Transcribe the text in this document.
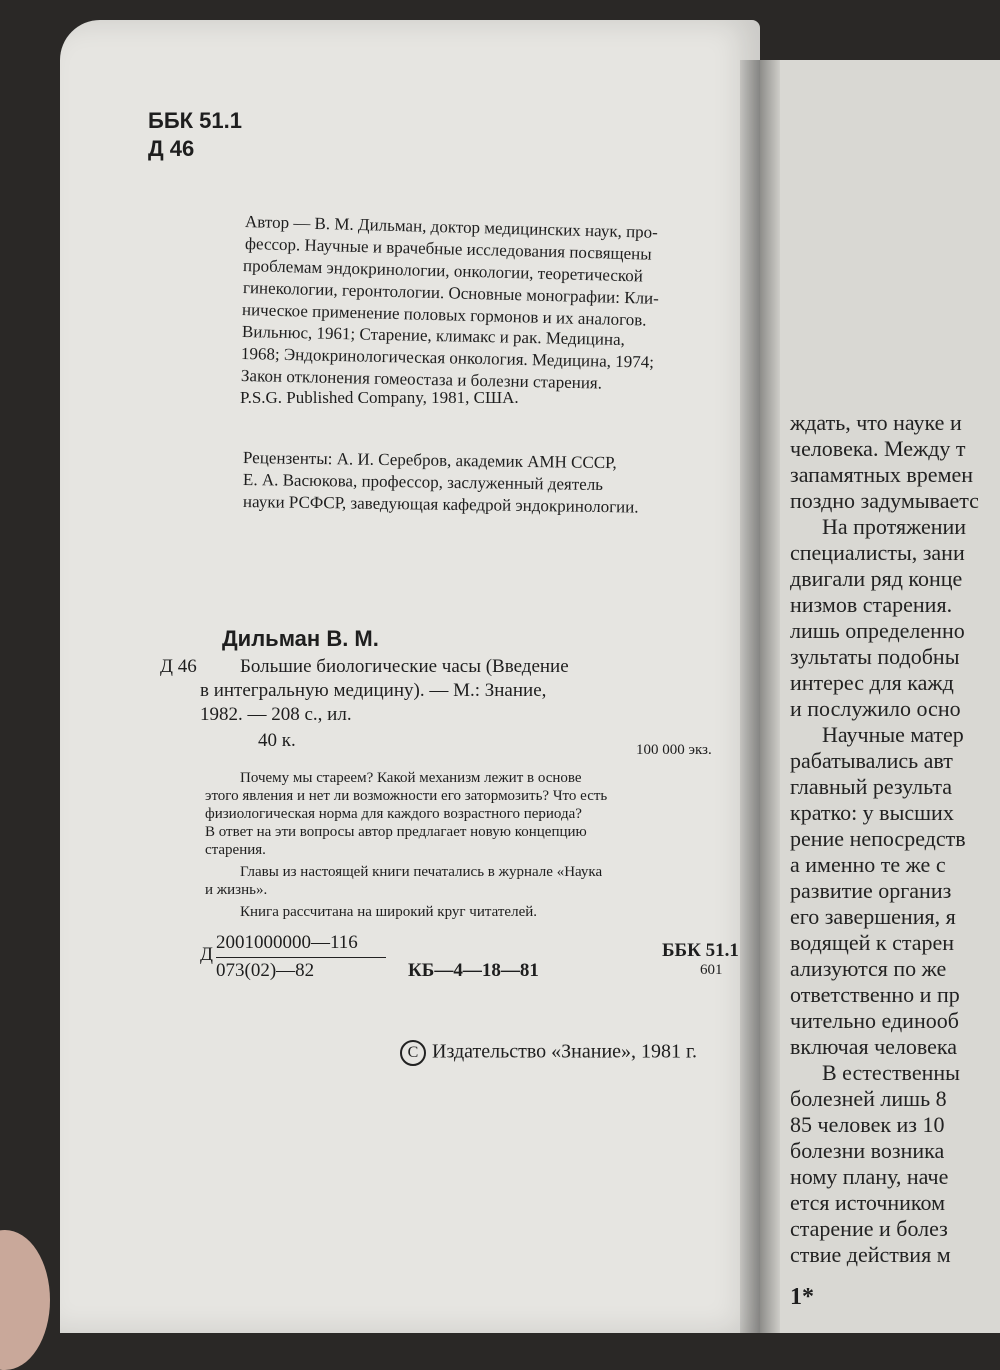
ББК 51.1
Д 46
Автор — В. М. Дильман, доктор медицинских наук, про-
фессор. Научные и врачебные исследования посвящены
проблемам эндокринологии, онкологии, теоретической
гинекологии, геронтологии. Основные монографии: Кли-
ническое применение половых гормонов и их аналогов.
Вильнюс, 1961; Старение, климакс и рак. Медицина,
1968; Эндокринологическая онкология. Медицина, 1974;
Закон отклонения гомеостаза и болезни старения.
P.S.G. Published Company, 1981, США.
Рецензенты: А. И. Серебров, академик АМН СССР,
Е. А. Васюкова, профессор, заслуженный деятель
науки РСФСР, заведующая кафедрой эндокринологии.
Дильман В. М.
Д 46 Большие биологические часы (Введение
в интегральную медицину). — М.: Знание,
1982. — 208 с., ил.
40 к.	100 000 экз.
Почему мы стареем? Какой механизм лежит в основе
этого явления и нет ли возможности его затормозить? Что есть
физиологическая норма для каждого возрастного периода?
В ответ на эти вопросы автор предлагает новую концепцию
старения.
Главы из настоящей книги печатались в журнале «Наука
и жизнь».
Книга рассчитана на широкий круг читателей.
Д
2001000000—116
073(02)—82	КБ—4—18—81
ББК 51.1
601
C Издательство «Знание», 1981 г.
ждать, что науке и
человека. Между т
запамятных времен
поздно задумываетс
На протяжении
специалисты, зани
двигали ряд конце
низмов старения.
лишь определенно
зультаты подобны
интерес для кажд
и послужило осно
Научные матер
рабатывались авт
главный результа
кратко: у высших
рение непосредств
а именно те же с
развитие организ
его завершения, я
водящей к старен
ализуются по же
ответственно и пр
чительно единооб
включая человека
В естественны
болезней лишь 8
85 человек из 10
болезни возника
ному плану, наче
ется источником
старение и болез
ствие действия м
1*
